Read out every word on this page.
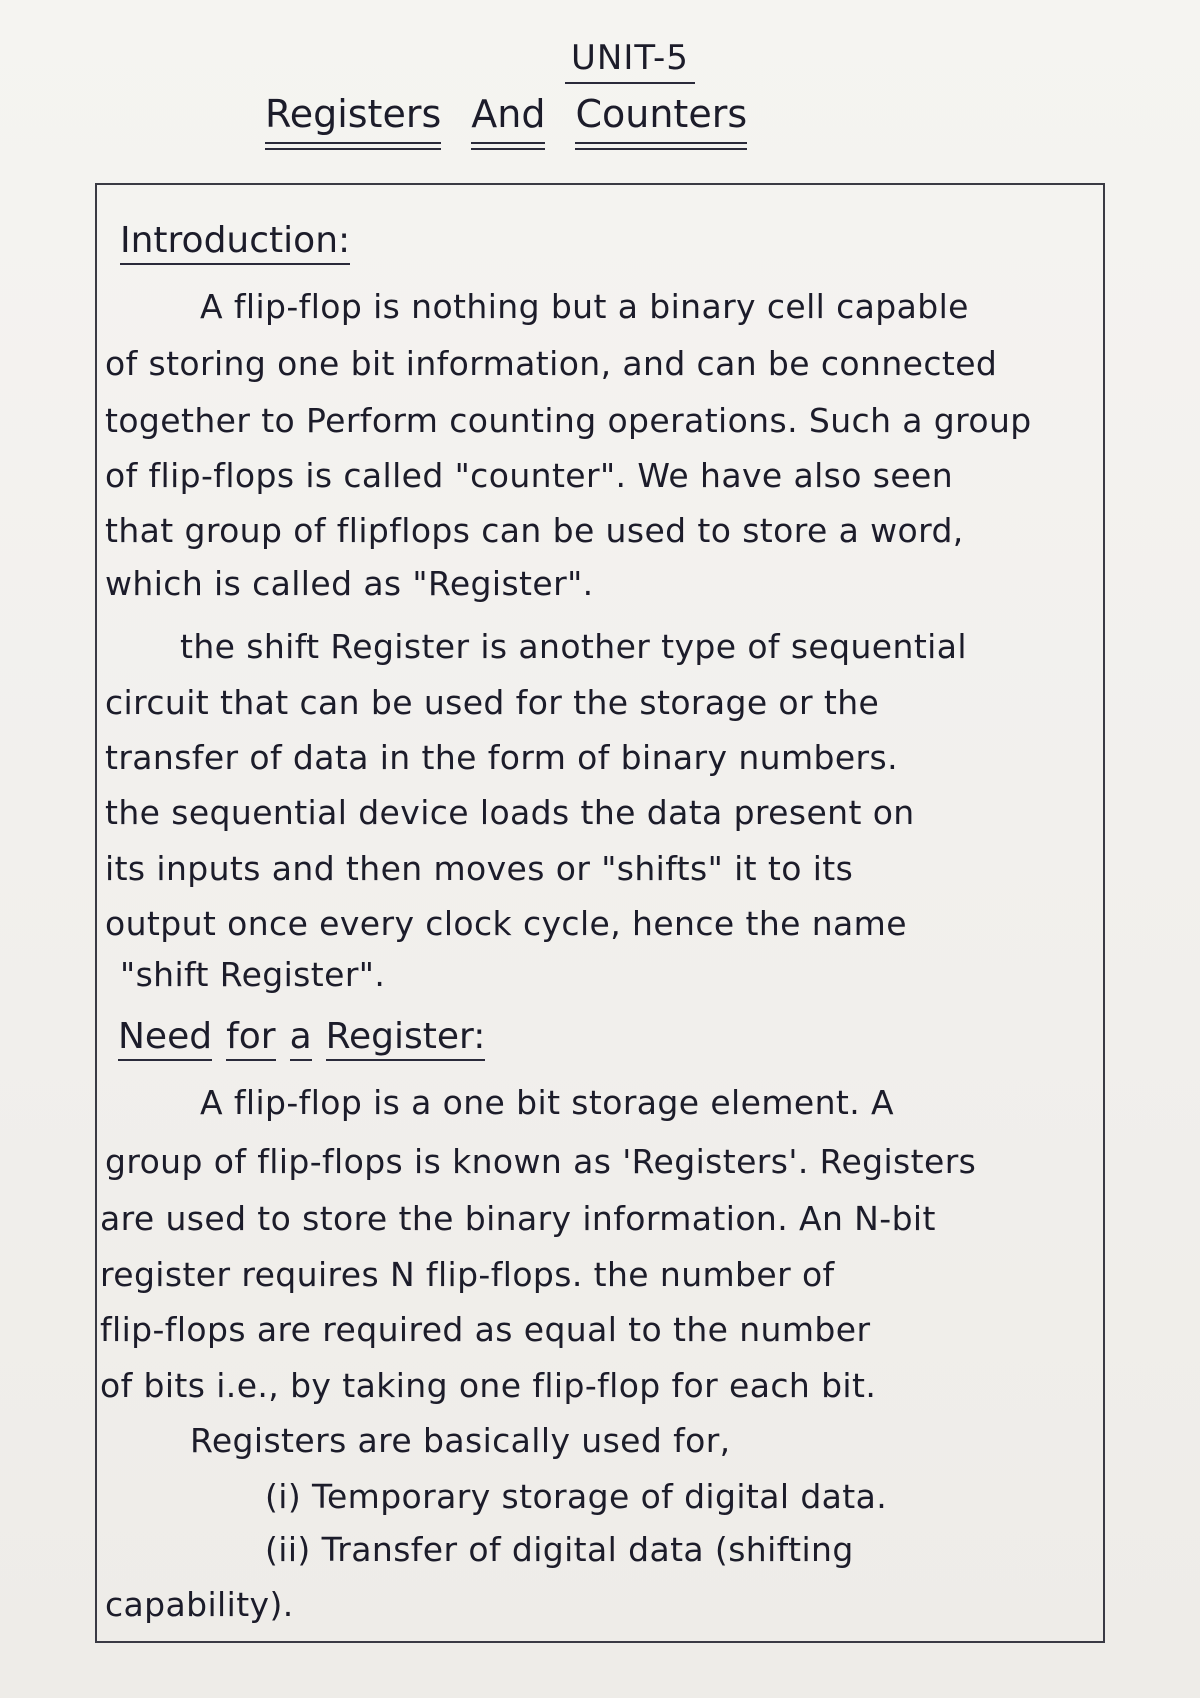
UNIT-5
Registers And Counters
Introduction:
A flip-flop is nothing but a binary cell capable
of storing one bit information, and can be connected
together to Perform counting operations. Such a group
of flip-flops is called "counter". We have also seen
that group of flipflops can be used to store a word,
which is called as "Register".
the shift Register is another type of sequential
circuit that can be used for the storage or the
transfer of data in the form of binary numbers.
the sequential device loads the data present on
its inputs and then moves or "shifts" it to its
output once every clock cycle, hence the name
"shift Register".
Need for a Register:
A flip-flop is a one bit storage element. A
group of flip-flops is known as 'Registers'. Registers
are used to store the binary information. An N-bit
register requires N flip-flops. the number of
flip-flops are required as equal to the number
of bits i.e., by taking one flip-flop for each bit.
Registers are basically used for,
(i) Temporary storage of digital data.
(ii) Transfer of digital data (shifting
capability).
